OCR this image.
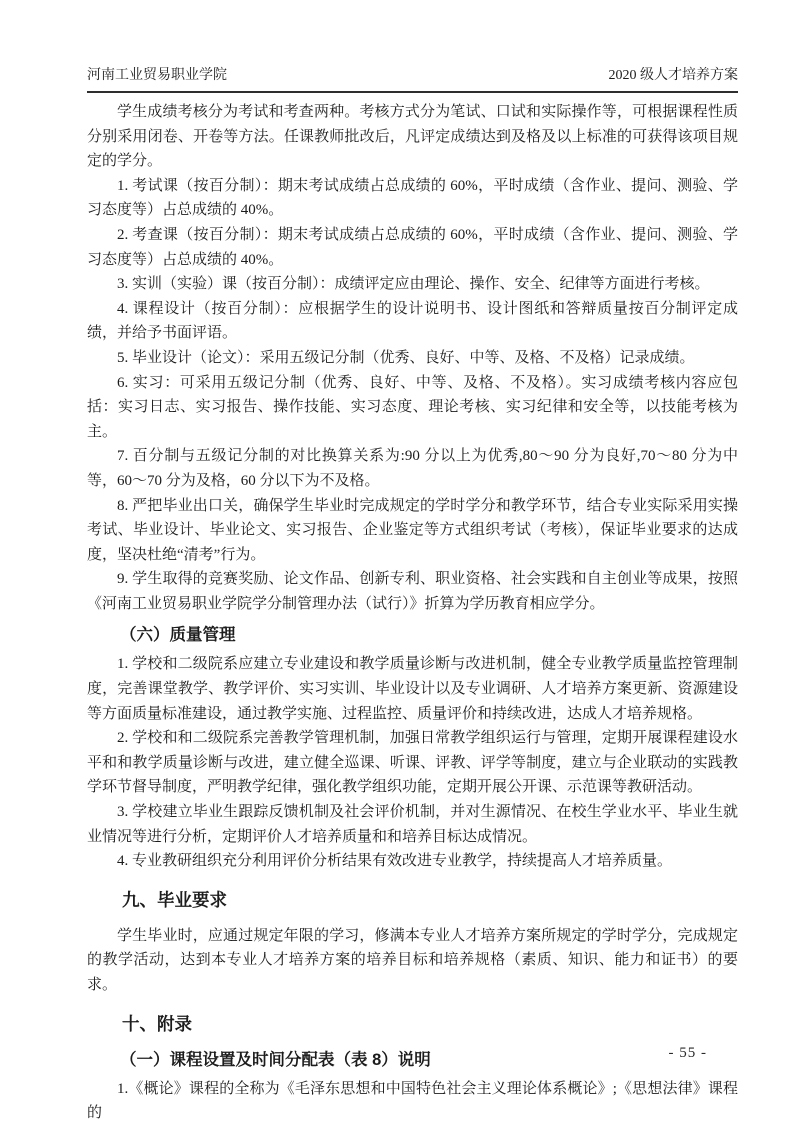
河南工业贸易职业学院	2020 级人才培养方案

学生成绩考核分为考试和考查两种。考核方式分为笔试、口试和实际操作等，可根据课程性质分别采用闭卷、开卷等方法。任课教师批改后，凡评定成绩达到及格及以上标准的可获得该项目规定的学分。

1. 考试课（按百分制）：期末考试成绩占总成绩的 60%，平时成绩（含作业、提问、测验、学习态度等）占总成绩的 40%。

2. 考查课（按百分制）：期末考试成绩占总成绩的 60%，平时成绩（含作业、提问、测验、学习态度等）占总成绩的 40%。

3. 实训（实验）课（按百分制）：成绩评定应由理论、操作、安全、纪律等方面进行考核。

4. 课程设计（按百分制）：应根据学生的设计说明书、设计图纸和答辩质量按百分制评定成绩，并给予书面评语。

5. 毕业设计（论文）：采用五级记分制（优秀、良好、中等、及格、不及格）记录成绩。

6. 实习：可采用五级记分制（优秀、良好、中等、及格、不及格）。实习成绩考核内容应包括：实习日志、实习报告、操作技能、实习态度、理论考核、实习纪律和安全等，以技能考核为主。

7. 百分制与五级记分制的对比换算关系为:90 分以上为优秀,80～90 分为良好,70～80 分为中等，60～70 分为及格，60 分以下为不及格。

8. 严把毕业出口关，确保学生毕业时完成规定的学时学分和教学环节，结合专业实际采用实操考试、毕业设计、毕业论文、实习报告、企业鉴定等方式组织考试（考核），保证毕业要求的达成度，坚决杜绝“清考”行为。

9. 学生取得的竞赛奖励、论文作品、创新专利、职业资格、社会实践和自主创业等成果，按照《河南工业贸易职业学院学分制管理办法（试行）》折算为学历教育相应学分。

（六）质量管理

1. 学校和二级院系应建立专业建设和教学质量诊断与改进机制，健全专业教学质量监控管理制度，完善课堂教学、教学评价、实习实训、毕业设计以及专业调研、人才培养方案更新、资源建设等方面质量标准建设，通过教学实施、过程监控、质量评价和持续改进，达成人才培养规格。

2. 学校和和二级院系完善教学管理机制，加强日常教学组织运行与管理，定期开展课程建设水平和和教学质量诊断与改进，建立健全巡课、听课、评教、评学等制度，建立与企业联动的实践教学环节督导制度，严明教学纪律，强化教学组织功能，定期开展公开课、示范课等教研活动。

3. 学校建立毕业生跟踪反馈机制及社会评价机制，并对生源情况、在校生学业水平、毕业生就业情况等进行分析，定期评价人才培养质量和和培养目标达成情况。

4. 专业教研组织充分利用评价分析结果有效改进专业教学，持续提高人才培养质量。

九、毕业要求

学生毕业时，应通过规定年限的学习，修满本专业人才培养方案所规定的学时学分，完成规定的教学活动，达到本专业人才培养方案的培养目标和培养规格（素质、知识、能力和证书）的要求。

十、附录
（一）课程设置及时间分配表（表 8）说明

1.《概论》课程的全称为《毛泽东思想和中国特色社会主义理论体系概论》;《思想法律》课程的

- 55 -
